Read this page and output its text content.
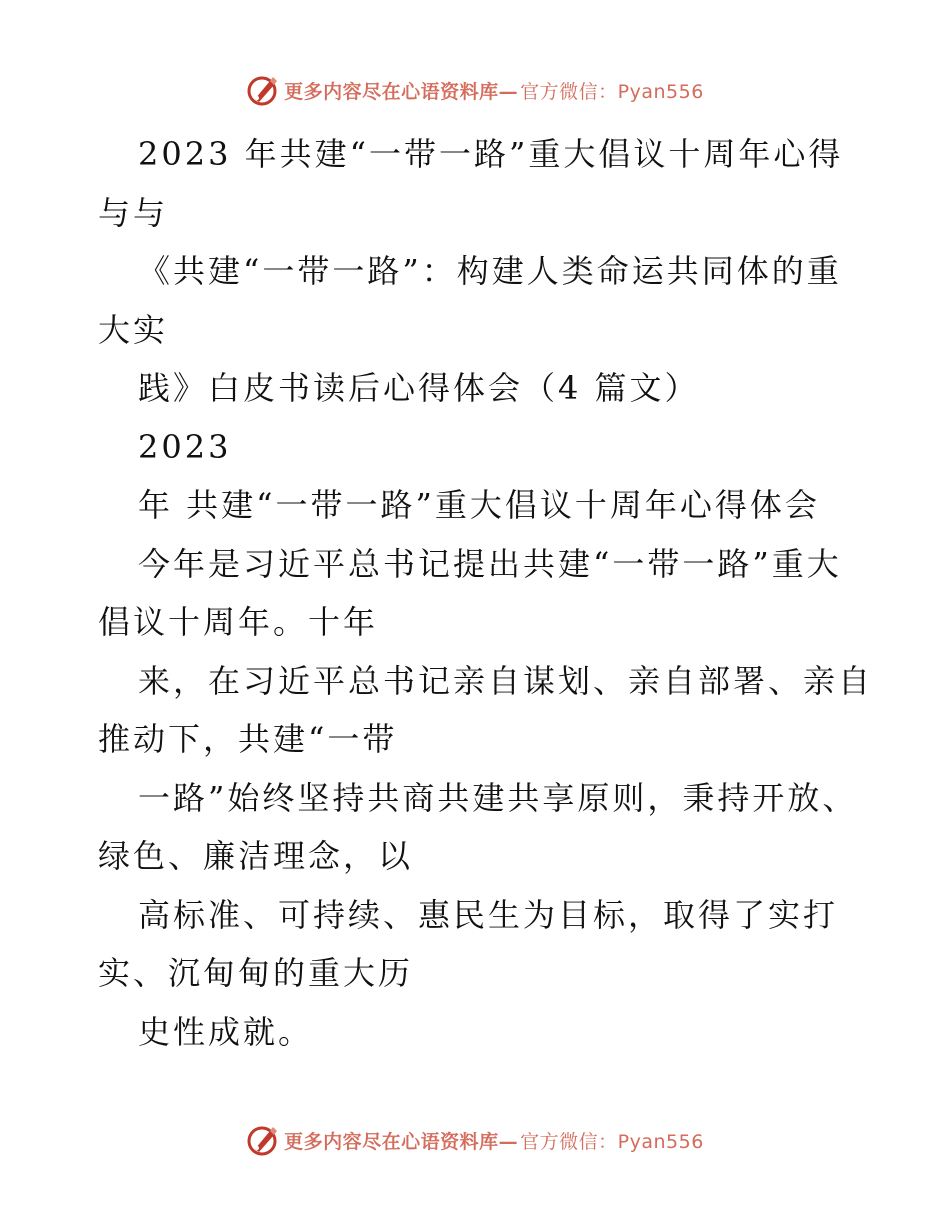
更多内容尽在心语资料库— 官方微信：Pyan556
2023 年共建“一带一路”重大倡议十周年心得
与与
《共建“一带一路”：构建人类命运共同体的重
大实
践》白皮书读后心得体会（4 篇文）
2023
年 共建“一带一路”重大倡议十周年心得体会
今年是习近平总书记提出共建“一带一路”重大
倡议十周年。十年
来，在习近平总书记亲自谋划、亲自部署、亲自
推动下，共建“一带
一路”始终坚持共商共建共享原则，秉持开放、
绿色、廉洁理念，以
高标准、可持续、惠民生为目标，取得了实打
实、沉甸甸的重大历
史性成就。
更多内容尽在心语资料库— 官方微信：Pyan556
